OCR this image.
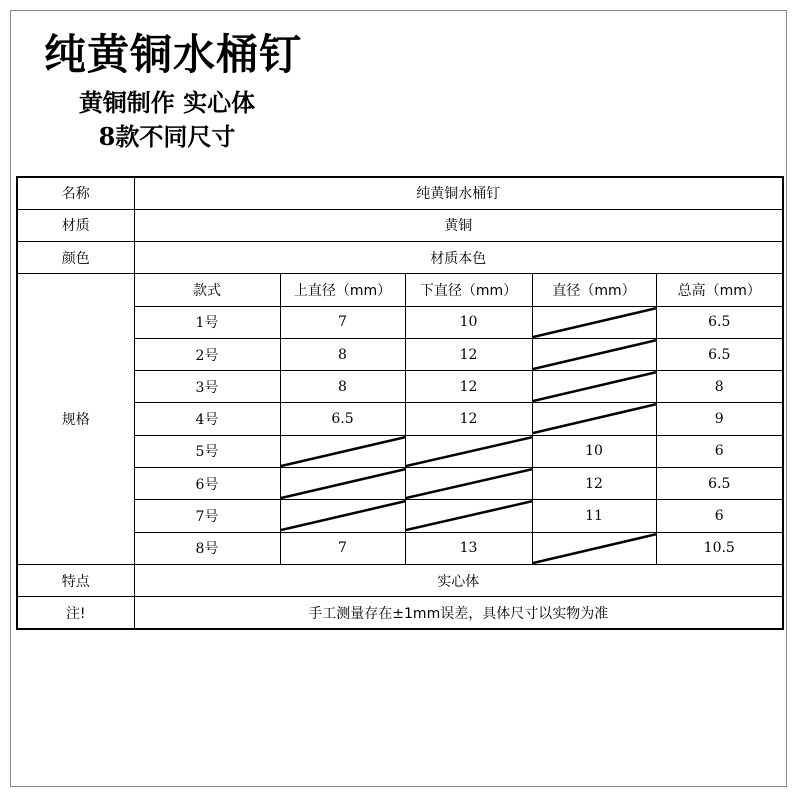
纯黄铜水桶钉

黄铜制作 实心体

8款不同尺寸

名称	纯黄铜水桶钉				
材质	黄铜				
颜色	材质本色				
规格	款式	上直径（mm）	下直径（mm）	直径（mm）	总高（mm）
	1号	7	10		6.5
	2号	8	12		6.5
	3号	8	12		8
	4号	6.5	12		9
	5号			10	6
	6号			12	6.5
	7号			11	6
	8号	7	13		10.5
特点	实心体				
注!	手工测量存在±1mm误差，具体尺寸以实物为准				
